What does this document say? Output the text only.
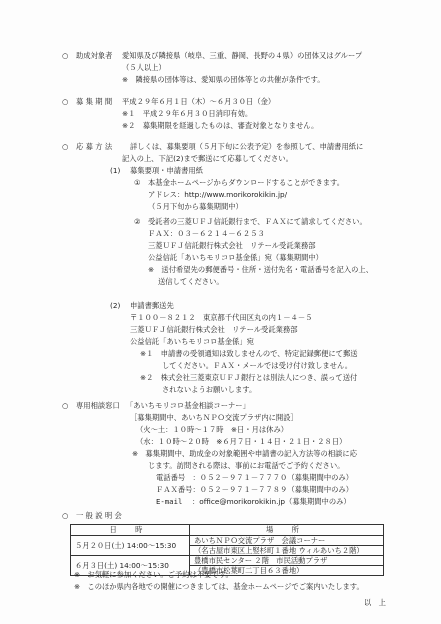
○ 助成対象者 愛知県及び隣接県（岐阜、三重、静岡、長野の４県）の団体又はグループ
（５人以上）
※　隣接県の団体等は、愛知県の団体等との共催が条件です。
○ 募 集 期 間 平成２９年６月１日（木）～６月３０日（金）
※１　平成２９年６月３０日消印有効。
※２　募集期限を経過したものは、審査対象となりません。
○ 応 募 方 法 詳しくは、募集要項（５月下旬に公表予定）を参照して、申請書用紙に
記入の上、下記(2)まで郵送にて応募してください。
(1) 募集要項・申請書用紙
① 本基金ホームページからダウンロードすることができます。
アドレス：http://www.morikorokikin.jp/
（５月下旬から募集期間中）
② 受託者の三菱ＵＦＪ信託銀行まで、ＦＡＸにて請求してください。
ＦＡＸ：０３－６２１４－６２５３
三菱ＵＦＪ信託銀行株式会社　リテール受託業務部
公益信託「あいちモリコロ基金係」宛（募集期間中）
※　送付希望先の郵便番号・住所・送付先名・電話番号を記入の上、
送信してください。
(2) 申請書郵送先
〒１００－８２１２　東京都千代田区丸の内１－４－５
三菱ＵＦＪ信託銀行株式会社　リテール受託業務部
公益信託「あいちモリコロ基金係」宛
※１　申請書の受領通知は致しませんので、特定記録郵便にて郵送
してください。ＦＡＸ・メールでは受け付け致しません。
※２　株式会社三菱東京ＵＦＪ銀行とは別法人につき、誤って送付
されないようお願いします。
○ 専用相談窓口 「あいちモリコロ基金相談コーナー」
［募集期間中、あいちＮＰＯ交流プラザ内に開設］
（火～土：１０時～１７時　※日・月は休み）
（水：１０時～２０時　※６月７日・１４日・２１日・２８日）
※　募集期間中、助成金の対象範囲や申請書の記入方法等の相談に応
じます。訪問される際は、事前にお電話でご予約ください。
電話番号　：０５２－９７１－７７７０（募集期間中のみ）
ＦＡＸ番号：０５２－９７１－７７８９（募集期間中のみ）
E-mail ：office@morikorokikin.jp（募集期間中のみ）
○ 一 般 説 明 会
日 時	場 所
５月２０日(土) 14:00～15:30	あいちＮＰＯ交流プラザ　会議コーナー
	（名古屋市東区上竪杉町１番地 ウィルあいち２階）
６月３日(土) 14:00～15:30	豊橋市民センター ２階　市民活動プラザ
	（豊橋市松葉町二丁目６３番地）
※　お気軽に参加ください。ご予約は不要です。
※　このほか県内各地での開催につきましては、基金ホームページでご案内いたします。
以　上
